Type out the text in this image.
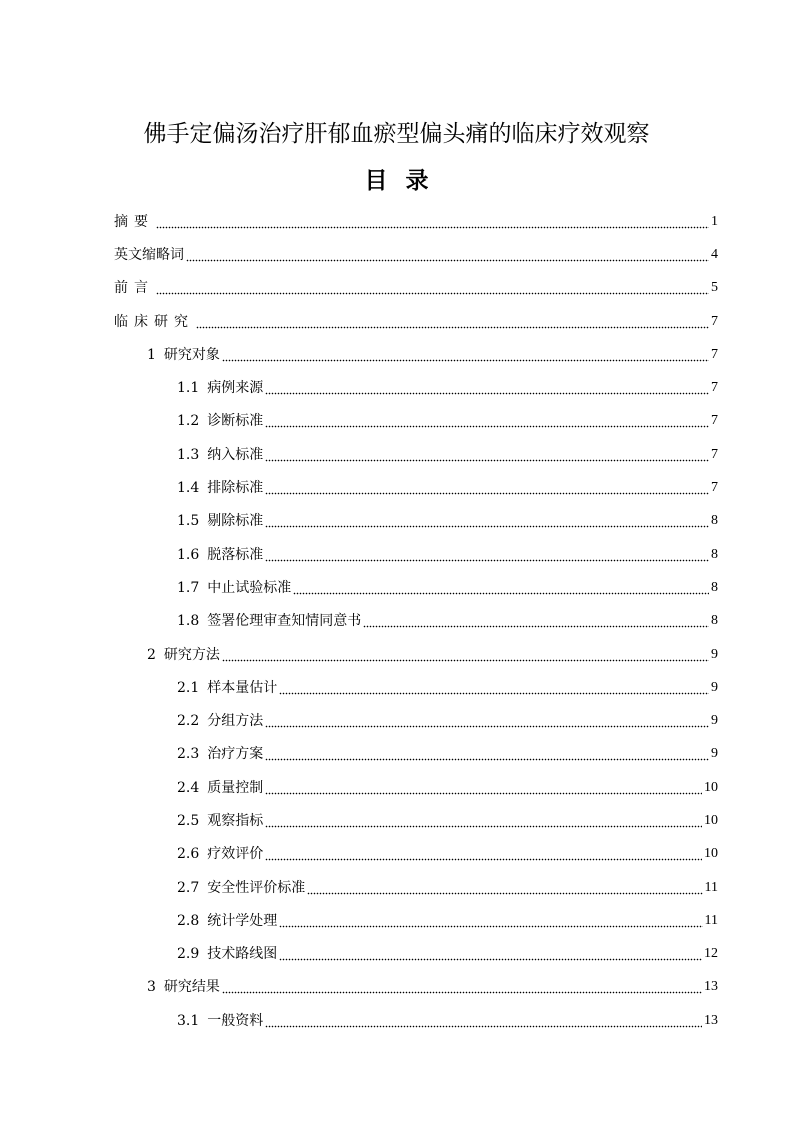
佛手定偏汤治疗肝郁血瘀型偏头痛的临床疗效观察
目录
摘要	1
英文缩略词	4
前言	5
临床研究	7
1 研究对象	7
1.1 病例来源	7
1.2 诊断标准	7
1.3 纳入标准	7
1.4 排除标准	7
1.5 剔除标准	8
1.6 脱落标准	8
1.7 中止试验标准	8
1.8 签署伦理审查知情同意书	8
2 研究方法	9
2.1 样本量估计	9
2.2 分组方法	9
2.3 治疗方案	9
2.4 质量控制	10
2.5 观察指标	10
2.6 疗效评价	10
2.7 安全性评价标准	11
2.8 统计学处理	11
2.9 技术路线图	12
3 研究结果	13
3.1 一般资料	13
